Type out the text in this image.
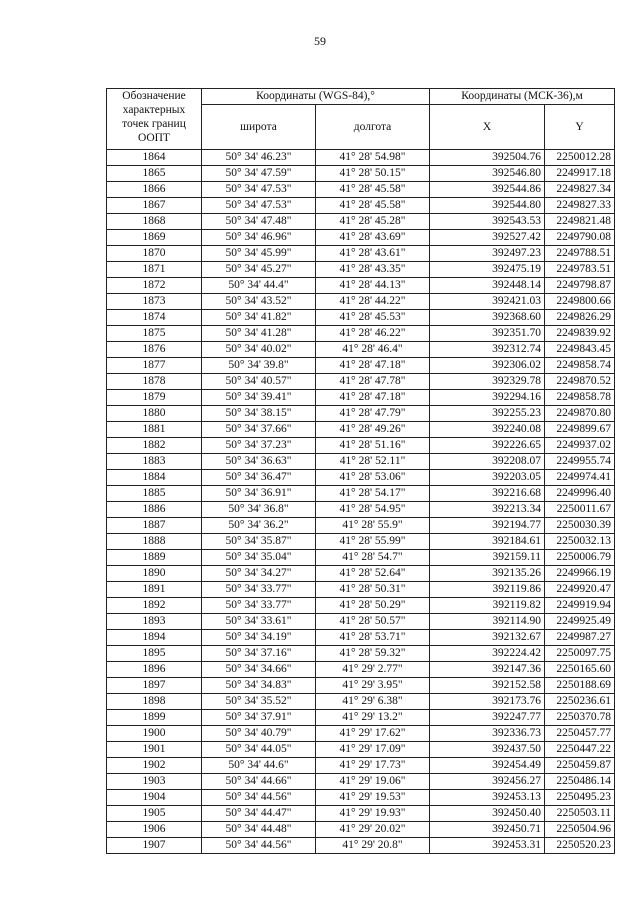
59
Обозначение характерных точек границ ООПТ	Координаты (WGS-84),°		Координаты (МСК-36),м	
	широта	долгота	X	Y
1864	50° 34' 46.23"	41° 28' 54.98"	392504.76	2250012.28
1865	50° 34' 47.59"	41° 28' 50.15"	392546.80	2249917.18
1866	50° 34' 47.53"	41° 28' 45.58"	392544.86	2249827.34
1867	50° 34' 47.53"	41° 28' 45.58"	392544.80	2249827.33
1868	50° 34' 47.48"	41° 28' 45.28"	392543.53	2249821.48
1869	50° 34' 46.96"	41° 28' 43.69"	392527.42	2249790.08
1870	50° 34' 45.99"	41° 28' 43.61"	392497.23	2249788.51
1871	50° 34' 45.27"	41° 28' 43.35"	392475.19	2249783.51
1872	50° 34' 44.4"	41° 28' 44.13"	392448.14	2249798.87
1873	50° 34' 43.52"	41° 28' 44.22"	392421.03	2249800.66
1874	50° 34' 41.82"	41° 28' 45.53"	392368.60	2249826.29
1875	50° 34' 41.28"	41° 28' 46.22"	392351.70	2249839.92
1876	50° 34' 40.02"	41° 28' 46.4"	392312.74	2249843.45
1877	50° 34' 39.8"	41° 28' 47.18"	392306.02	2249858.74
1878	50° 34' 40.57"	41° 28' 47.78"	392329.78	2249870.52
1879	50° 34' 39.41"	41° 28' 47.18"	392294.16	2249858.78
1880	50° 34' 38.15"	41° 28' 47.79"	392255.23	2249870.80
1881	50° 34' 37.66"	41° 28' 49.26"	392240.08	2249899.67
1882	50° 34' 37.23"	41° 28' 51.16"	392226.65	2249937.02
1883	50° 34' 36.63"	41° 28' 52.11"	392208.07	2249955.74
1884	50° 34' 36.47"	41° 28' 53.06"	392203.05	2249974.41
1885	50° 34' 36.91"	41° 28' 54.17"	392216.68	2249996.40
1886	50° 34' 36.8"	41° 28' 54.95"	392213.34	2250011.67
1887	50° 34' 36.2"	41° 28' 55.9"	392194.77	2250030.39
1888	50° 34' 35.87"	41° 28' 55.99"	392184.61	2250032.13
1889	50° 34' 35.04"	41° 28' 54.7"	392159.11	2250006.79
1890	50° 34' 34.27"	41° 28' 52.64"	392135.26	2249966.19
1891	50° 34' 33.77"	41° 28' 50.31"	392119.86	2249920.47
1892	50° 34' 33.77"	41° 28' 50.29"	392119.82	2249919.94
1893	50° 34' 33.61"	41° 28' 50.57"	392114.90	2249925.49
1894	50° 34' 34.19"	41° 28' 53.71"	392132.67	2249987.27
1895	50° 34' 37.16"	41° 28' 59.32"	392224.42	2250097.75
1896	50° 34' 34.66"	41° 29' 2.77"	392147.36	2250165.60
1897	50° 34' 34.83"	41° 29' 3.95"	392152.58	2250188.69
1898	50° 34' 35.52"	41° 29' 6.38"	392173.76	2250236.61
1899	50° 34' 37.91"	41° 29' 13.2"	392247.77	2250370.78
1900	50° 34' 40.79"	41° 29' 17.62"	392336.73	2250457.77
1901	50° 34' 44.05"	41° 29' 17.09"	392437.50	2250447.22
1902	50° 34' 44.6"	41° 29' 17.73"	392454.49	2250459.87
1903	50° 34' 44.66"	41° 29' 19.06"	392456.27	2250486.14
1904	50° 34' 44.56"	41° 29' 19.53"	392453.13	2250495.23
1905	50° 34' 44.47"	41° 29' 19.93"	392450.40	2250503.11
1906	50° 34' 44.48"	41° 29' 20.02"	392450.71	2250504.96
1907	50° 34' 44.56"	41° 29' 20.8"	392453.31	2250520.23
